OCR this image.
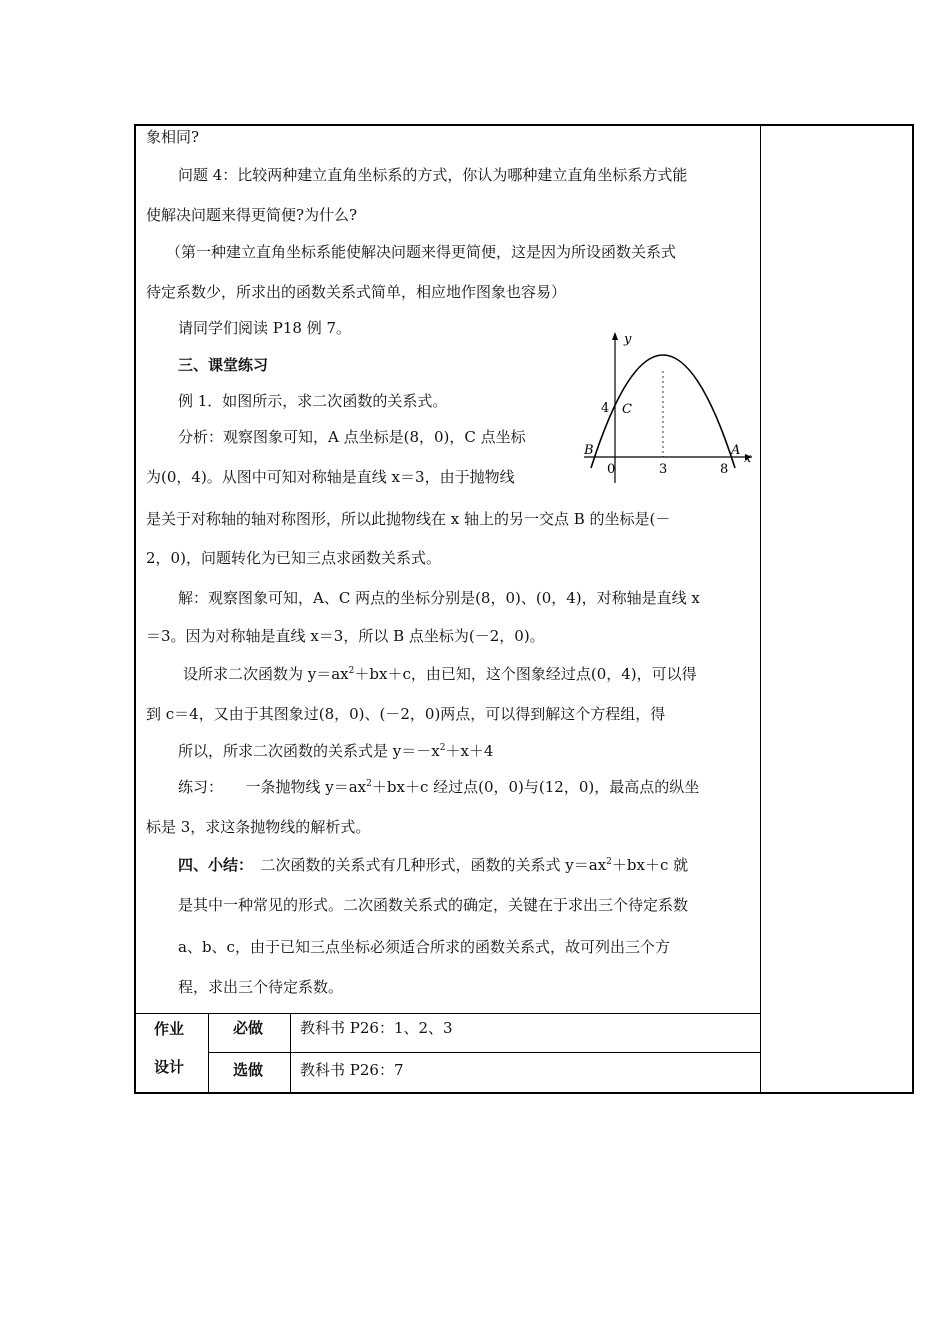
象相同?
问题 4：比较两种建立直角坐标系的方式，你认为哪种建立直角坐标系方式能
使解决问题来得更简便?为什么?
（第一种建立直角坐标系能使解决问题来得更简便，这是因为所设函数关系式
待定系数少，所求出的函数关系式简单，相应地作图象也容易）
请同学们阅读 P18 例 7。
三、课堂练习
例 1．如图所示，求二次函数的关系式。
分析：观察图象可知，A 点坐标是(8，0)，C 点坐标
为(0，4)。从图中可知对称轴是直线 x＝3，由于抛物线
是关于对称轴的轴对称图形，所以此抛物线在 x 轴上的另一交点 B 的坐标是(－
2，0)，问题转化为已知三点求函数关系式。
解：观察图象可知，A、C 两点的坐标分别是(8，0)、(0，4)，对称轴是直线 x
＝3。因为对称轴是直线 x＝3，所以 B 点坐标为(－2，0)。
设所求二次函数为 $y=ax^2+bx+c$，由已知，这个图象经过点(0，4)，可以得
到 c＝4，又由于其图象过(8，0)、(－2，0)两点，可以得到解这个方程组，得
所以，所求二次函数的关系式是 $y=-x^2+x+4$
练习：　　一条抛物线 $y=ax^2+bx+c$ 经过点(0，0)与(12，0)，最高点的纵坐
标是 3，求这条抛物线的解析式。
四、小结：　二次函数的关系式有几种形式，函数的关系式 $y=ax^2+bx+c$ 就
是其中一种常见的形式。二次函数关系式的确定，关键在于求出三个待定系数
a、b、c，由于已知三点坐标必须适合所求的函数关系式，故可列出三个方
程，求出三个待定系数。
作业
设计
必做 教科书 P26：1、2、3
选做 教科书 P26：7
y
x
0	3	8
4
A
B
C
